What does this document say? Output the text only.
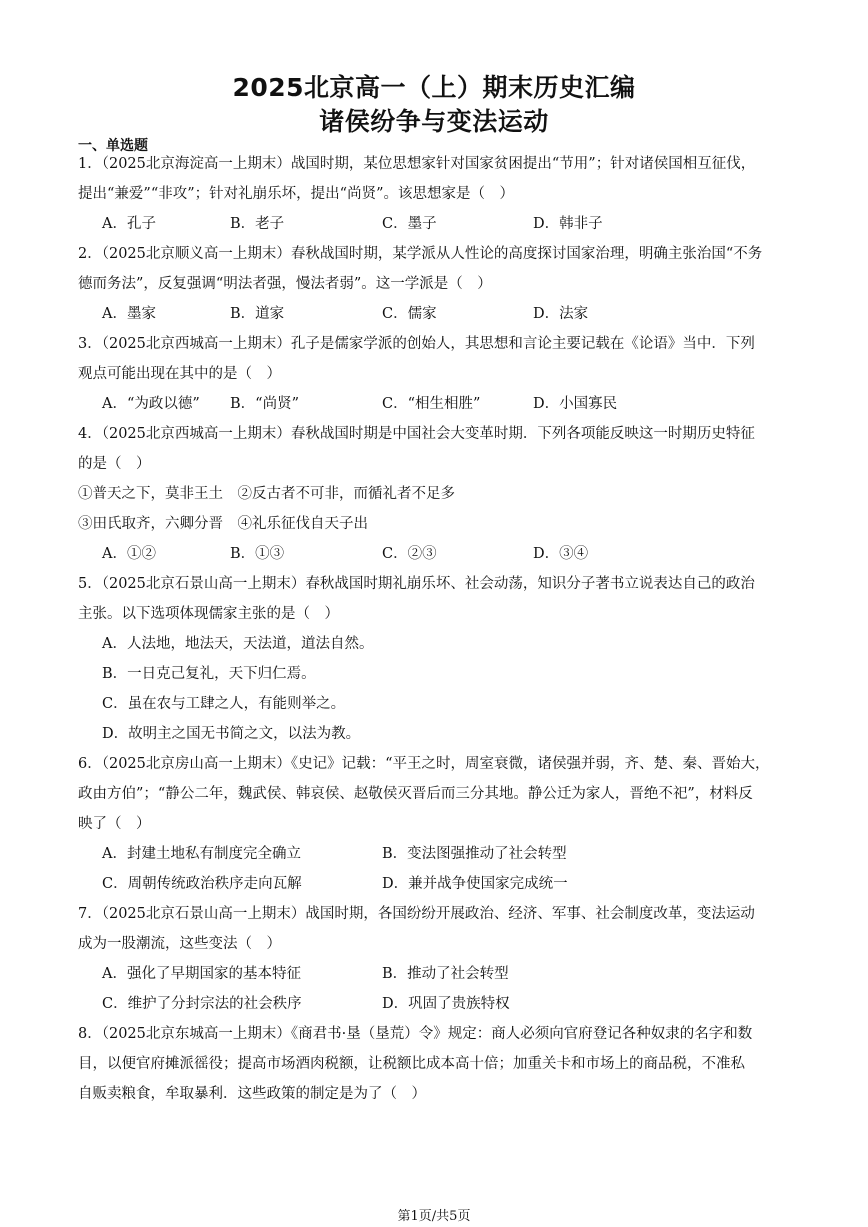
2025北京高一（上）期末历史汇编
诸侯纷争与变法运动
一、单选题
1．（2025北京海淀高一上期末）战国时期，某位思想家针对国家贫困提出“节用”；针对诸侯国相互征伐，
提出“兼爱”“非攻”；针对礼崩乐坏，提出“尚贤”。该思想家是（　）
A．孔子	B．老子	C．墨子	D．韩非子
2．（2025北京顺义高一上期末）春秋战国时期，某学派从人性论的高度探讨国家治理，明确主张治国“不务
德而务法”，反复强调“明法者强，慢法者弱”。这一学派是（　）
A．墨家	B．道家	C．儒家	D．法家
3．（2025北京西城高一上期末）孔子是儒家学派的创始人，其思想和言论主要记载在《论语》当中．下列
观点可能出现在其中的是（　）
A．“为政以德” B．“尚贤”	C．“相生相胜”	D．小国寡民
4．（2025北京西城高一上期末）春秋战国时期是中国社会大变革时期．下列各项能反映这一时期历史特征
的是（　）
①普天之下，莫非王土　②反古者不可非，而循礼者不足多
③田氏取齐，六卿分晋　④礼乐征伐自天子出
A．①②	B．①③	C．②③	D．③④
5．（2025北京石景山高一上期末）春秋战国时期礼崩乐坏、社会动荡，知识分子著书立说表达自己的政治
主张。以下选项体现儒家主张的是（　）
A．人法地，地法天，天法道，道法自然。
B．一日克己复礼，天下归仁焉。
C．虽在农与工肆之人，有能则举之。
D．故明主之国无书简之文，以法为教。
6．（2025北京房山高一上期末）《史记》记载：“平王之时，周室衰微，诸侯强并弱，齐、楚、秦、晋始大，
政由方伯”；“静公二年，魏武侯、韩哀侯、赵敬侯灭晋后而三分其地。静公迁为家人，晋绝不祀”，材料反
映了（　）
A．封建土地私有制度完全确立	B．变法图强推动了社会转型
C．周朝传统政治秩序走向瓦解	D．兼并战争使国家完成统一
7．（2025北京石景山高一上期末）战国时期，各国纷纷开展政治、经济、军事、社会制度改革，变法运动
成为一股潮流，这些变法（　）
A．强化了早期国家的基本特征	B．推动了社会转型
C．维护了分封宗法的社会秩序	D．巩固了贵族特权
8．（2025北京东城高一上期末）《商君书·垦（垦荒）令》规定：商人必须向官府登记各种奴隶的名字和数
目，以便官府摊派徭役；提高市场酒肉税额，让税额比成本高十倍；加重关卡和市场上的商品税，不准私
自贩卖粮食，牟取暴利．这些政策的制定是为了（　）
第1页/共5页
